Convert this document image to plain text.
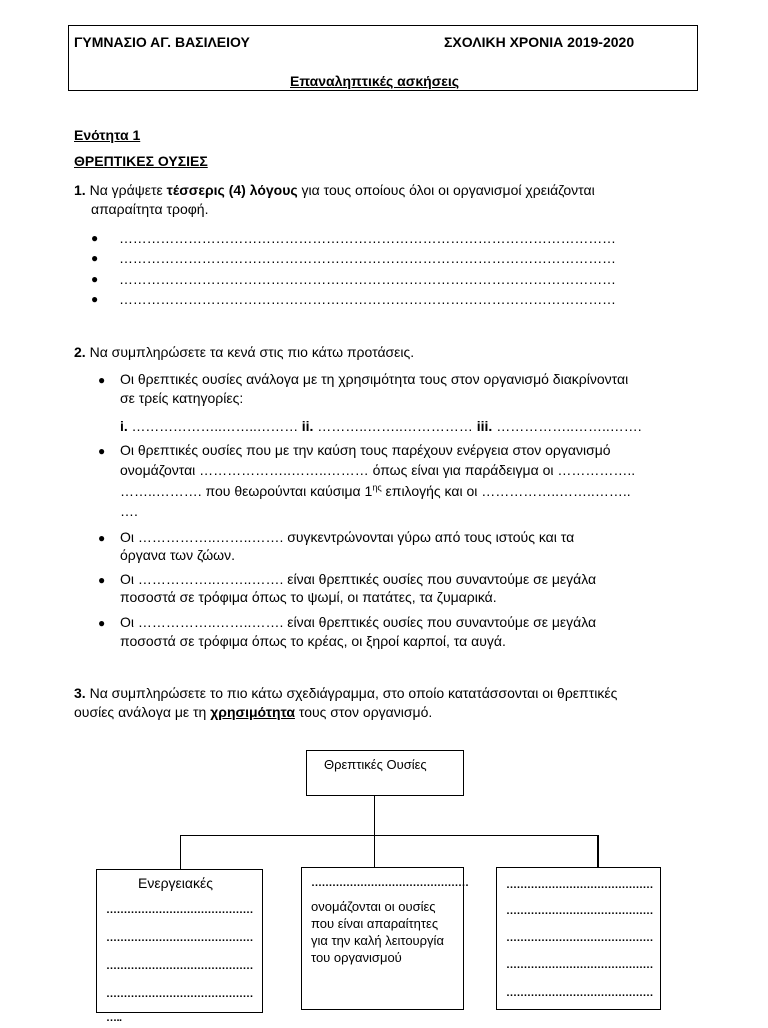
ΓΥΜΝΑΣΙΟ ΑΓ. ΒΑΣΙΛΕΙΟΥ	ΣΧΟΛΙΚΗ ΧΡΟΝΙΑ 2019-2020
Επαναληπτικές ασκήσεις
Ενότητα 1
ΘΡΕΠΤΙΚΕΣ ΟΥΣΙΕΣ
1. Να γράψετε τέσσερις (4) λόγους για τους οποίους όλοι οι οργανισμοί χρειάζονται
απαραίτητα τροφή.
● ………………………………………………………………………………………………
● ………………………………………………………………………………………………
● ………………………………………………………………………………………………
● ………………………………………………………………………………………………
2. Να συμπληρώσετε τα κενά στις πιο κάτω προτάσεις.
● Οι θρεπτικές ουσίες ανάλογα με τη χρησιμότητα τους στον οργανισμό διακρίνονται
σε τρείς κατηγορίες:
i. ………………..……..……… ii. ………..……..…………… iii. ……………..……..…….
● Οι θρεπτικές ουσίες που με την καύση τους παρέχουν ενέργεια στον οργανισμό
ονομάζονται ………………..……..……… όπως είναι για παράδειγμα οι ……………..
……..………. που θεωρούνται καύσιμα $1^{\eta\varsigma}$ επιλογής και οι ……………..……..……..
….
● Οι ……………..……..……. συγκεντρώνονται γύρω από τους ιστούς και τα
όργανα των ζώων.
● Οι ……………..……..……. είναι θρεπτικές ουσίες που συναντούμε σε μεγάλα
ποσοστά σε τρόφιμα όπως το ψωμί, οι πατάτες, τα ζυμαρικά.
● Οι ……………..……..……. είναι θρεπτικές ουσίες που συναντούμε σε μεγάλα
ποσοστά σε τρόφιμα όπως το κρέας, οι ξηροί καρποί, τα αυγά.
3. Να συμπληρώσετε το πιο κάτω σχεδιάγραμμα, στο οποίο κατατάσσονται οι θρεπτικές
ουσίες ανάλογα με τη χρησιμότητα τους στον οργανισμό.
Θρεπτικές Ουσίες
Ενεργειακές
……………………………………
……………………………………
……………………………………
……………………………………
…..
………………………………………
ονομάζονται οι ουσίες που είναι απαραίτητες για την καλή λειτουργία του οργανισμού
……………………………………
……………………………………
……………………………………
……………………………………
……………………………………
